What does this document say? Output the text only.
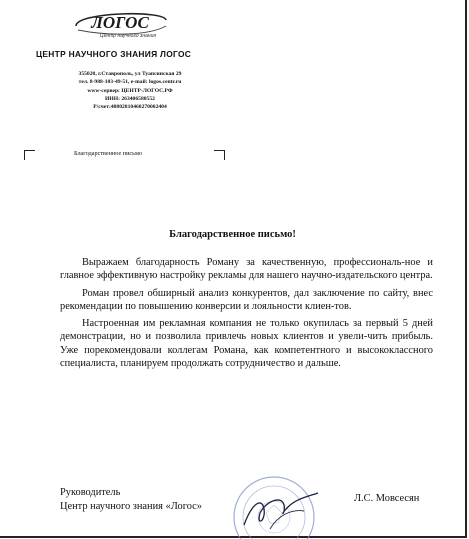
ЛОГОС
Центр научного знания
ЦЕНТР НАУЧНОГО ЗНАНИЯ ЛОГОС
355020, г.Ставрополь, ул Туапсинская 29
тел. 8-988-103-49-51, e-mail: logos.centr.ru
www-сервер: ЦЕНТР-ЛОГОС.РФ
ИНН: 263406580552
Р/счет:40802810460270002404
Благодарственное письмо
Благодарственное письмо!

Выражаем благодарность Роману за качественную, профессиональ-ное и главное эффективную настройку рекламы для нашего научно-издательского центра.

Роман провел обширный анализ конкурентов, дал заключение по сайту, внес рекомендации по повышению конверсии и лояльности клиен-тов.

Настроенная им рекламная компания не только окупилась за первый 5 дней демонстрации, но и позволила привлечь новых клиентов и увели-чить прибыль. Уже порекомендовали коллегам Романа, как компетентного и высококлассного специалиста, планируем продолжать сотрудничество и дальше.

Руководитель
Центр научного знания «Логос»
Л.С. Мовсесян
